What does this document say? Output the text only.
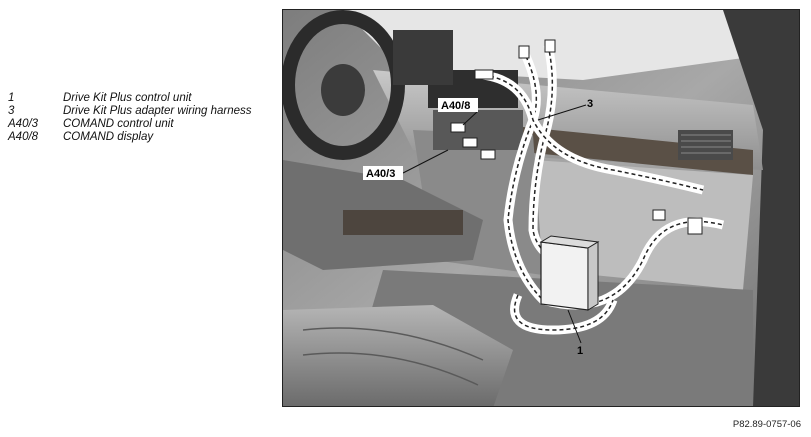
1	Drive Kit Plus control unit
3	Drive Kit Plus adapter wiring harness
A40/3	COMAND control unit
A40/8	COMAND display
3
1
A40/8
A40/3
P82.89-0757-06
